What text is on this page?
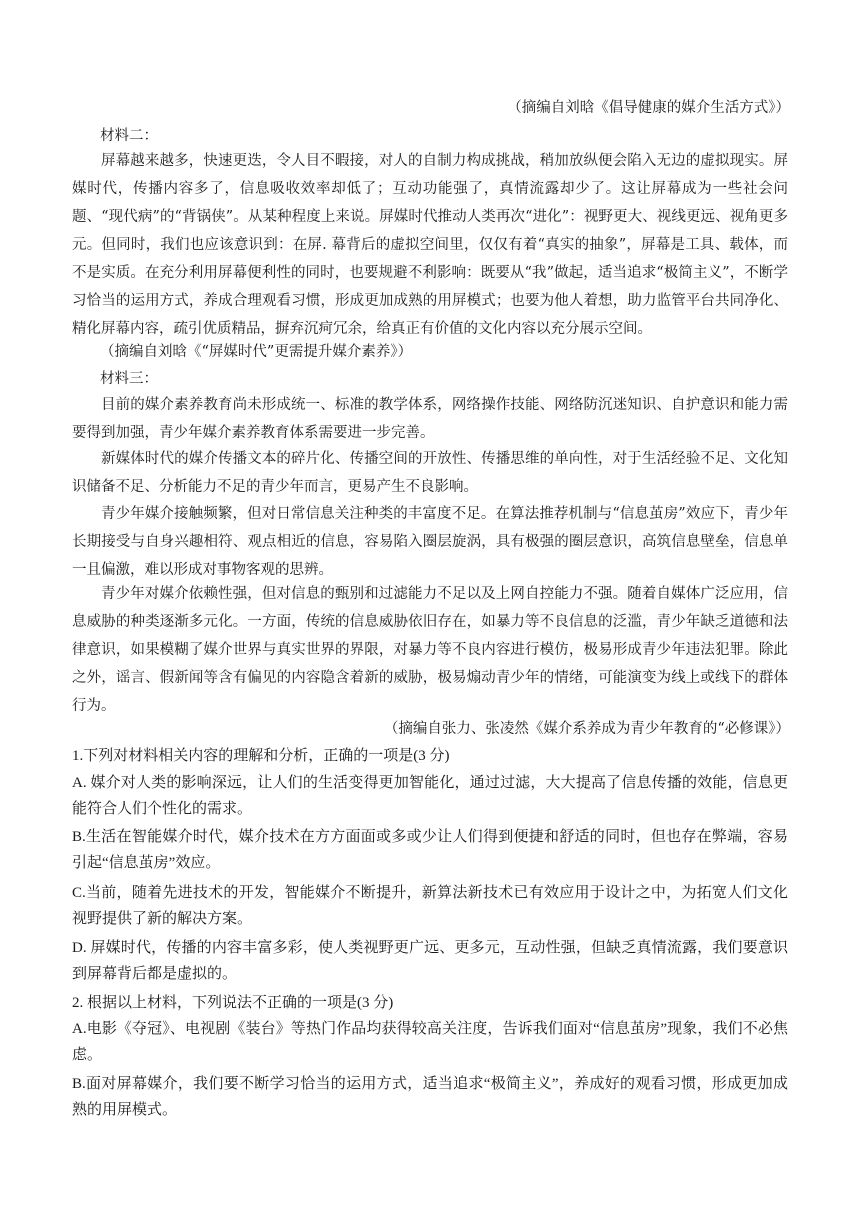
（摘编自刘晗《倡导健康的媒介生活方式》）
材料二：
屏幕越来越多，快速更迭，令人目不暇接，对人的自制力构成挑战，稍加放纵便会陷入无边的虚拟现实。屏媒时代，传播内容多了，信息吸收效率却低了；互动功能强了，真情流露却少了。这让屏幕成为一些社会问题、“现代病”的“背锅侠”。从某种程度上来说。屏媒时代推动人类再次“进化”：视野更大、视线更远、视角更多元。但同时，我们也应该意识到：在屏. 幕背后的虚拟空间里，仅仅有着“真实的抽象”，屏幕是工具、载体，而不是实质。在充分利用屏幕便利性的同时，也要规避不利影响：既要从“我”做起，适当追求“极简主义”，不断学习恰当的运用方式，养成合理观看习惯，形成更加成熟的用屏模式；也要为他人着想，助力监管平台共同净化、精化屏幕内容，疏引优质精品，摒弃沉疴冗余，给真正有价值的文化内容以充分展示空间。
（摘编自刘晗《“屏媒时代”更需提升媒介素养》）
材料三：
目前的媒介素养教育尚未形成统一、标准的教学体系，网络操作技能、网络防沉迷知识、自护意识和能力需要得到加强，青少年媒介素养教育体系需要进一步完善。
新媒体时代的媒介传播文本的碎片化、传播空间的开放性、传播思维的单向性，对于生活经验不足、文化知识储备不足、分析能力不足的青少年而言，更易产生不良影响。
青少年媒介接触频繁，但对日常信息关注种类的丰富度不足。在算法推荐机制与“信息茧房”效应下，青少年长期接受与自身兴趣相符、观点相近的信息，容易陷入圈层旋涡，具有极强的圈层意识，高筑信息壁垒，信息单一且偏激，难以形成对事物客观的思辨。
青少年对媒介依赖性强，但对信息的甄别和过滤能力不足以及上网自控能力不强。随着自媒体广泛应用，信息威胁的种类逐渐多元化。一方面，传统的信息威胁依旧存在，如暴力等不良信息的泛滥，青少年缺乏道德和法律意识，如果模糊了媒介世界与真实世界的界限，对暴力等不良内容进行模仿，极易形成青少年违法犯罪。除此之外，谣言、假新闻等含有偏见的内容隐含着新的威胁，极易煽动青少年的情绪，可能演变为线上或线下的群体行为。
（摘编自张力、张凌然《媒介系养成为青少年教育的“必修课》）
1.下列对材料相关内容的理解和分析，正确的一项是(3 分)
A. 媒介对人类的影响深远，让人们的生活变得更加智能化，通过过滤，大大提高了信息传播的效能，信息更能符合人们个性化的需求。
B.生活在智能媒介时代，媒介技术在方方面面或多或少让人们得到便捷和舒适的同时，但也存在弊端，容易引起“信息茧房”效应。
C.当前，随着先进技术的开发，智能媒介不断提升，新算法新技术已有效应用于设计之中，为拓宽人们文化视野提供了新的解决方案。
D. 屏媒时代，传播的内容丰富多彩，使人类视野更广远、更多元，互动性强，但缺乏真情流露，我们要意识到屏幕背后都是虚拟的。
2. 根据以上材料，下列说法不正确的一项是(3 分)
A.电影《夺冠》、电视剧《装台》等热门作品均获得较高关注度，告诉我们面对“信息茧房”现象，我们不必焦虑。
B.面对屏幕媒介，我们要不断学习恰当的运用方式，适当追求“极简主义”，养成好的观看习惯，形成更加成熟的用屏模式。
